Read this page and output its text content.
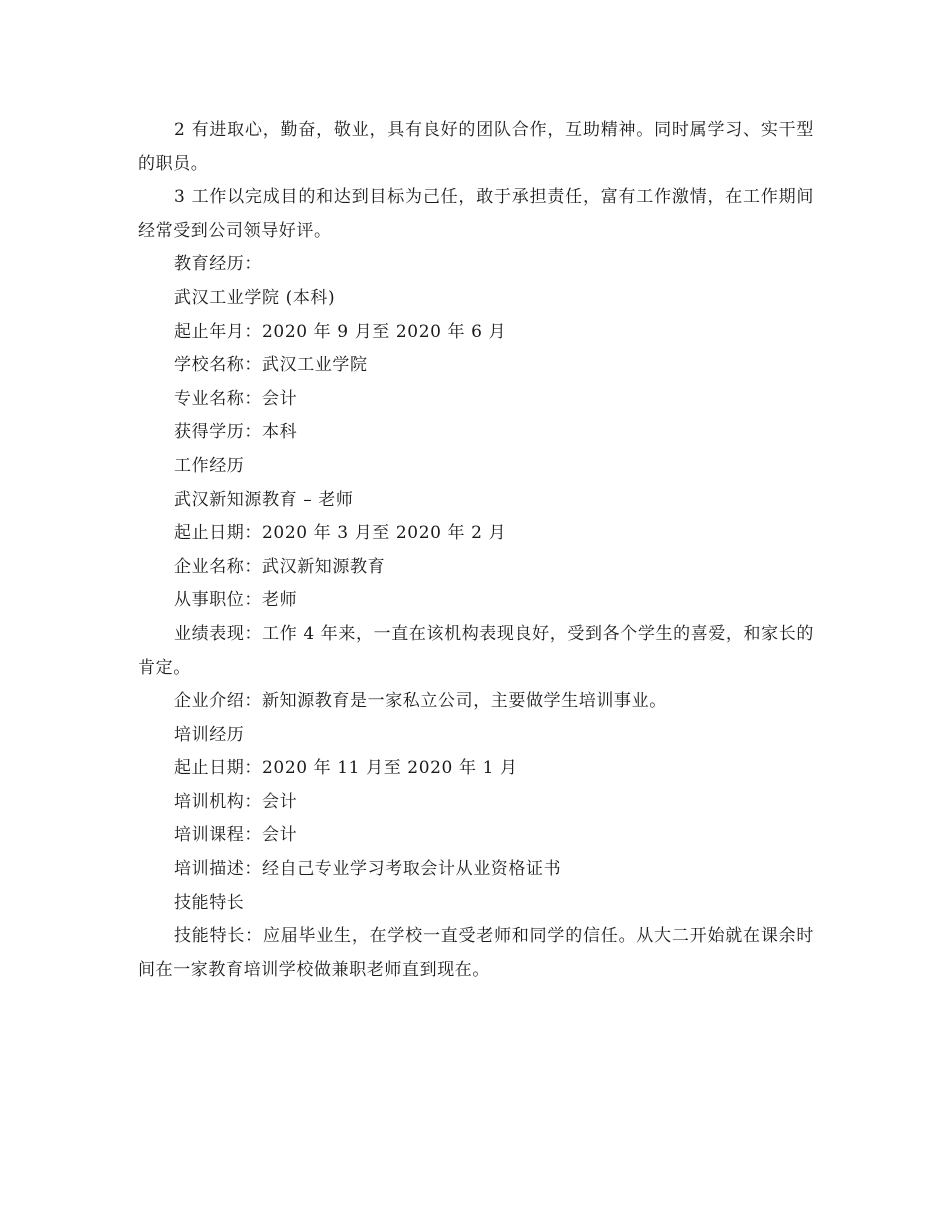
2 有进取心，勤奋，敬业，具有良好的团队合作，互助精神。同时属学习、实干型的职员。

3 工作以完成目的和达到目标为己任，敢于承担责任，富有工作激情，在工作期间经常受到公司领导好评。

教育经历：

武汉工业学院 (本科)

起止年月：2020 年 9 月至 2020 年 6 月

学校名称：武汉工业学院

专业名称：会计

获得学历：本科

工作经历

武汉新知源教育 – 老师

起止日期：2020 年 3 月至 2020 年 2 月

企业名称：武汉新知源教育

从事职位：老师

业绩表现：工作 4 年来，一直在该机构表现良好，受到各个学生的喜爱，和家长的肯定。

企业介绍：新知源教育是一家私立公司，主要做学生培训事业。

培训经历

起止日期：2020 年 11 月至 2020 年 1 月

培训机构：会计

培训课程：会计

培训描述：经自己专业学习考取会计从业资格证书

技能特长

技能特长：应届毕业生，在学校一直受老师和同学的信任。从大二开始就在课余时间在一家教育培训学校做兼职老师直到现在。
